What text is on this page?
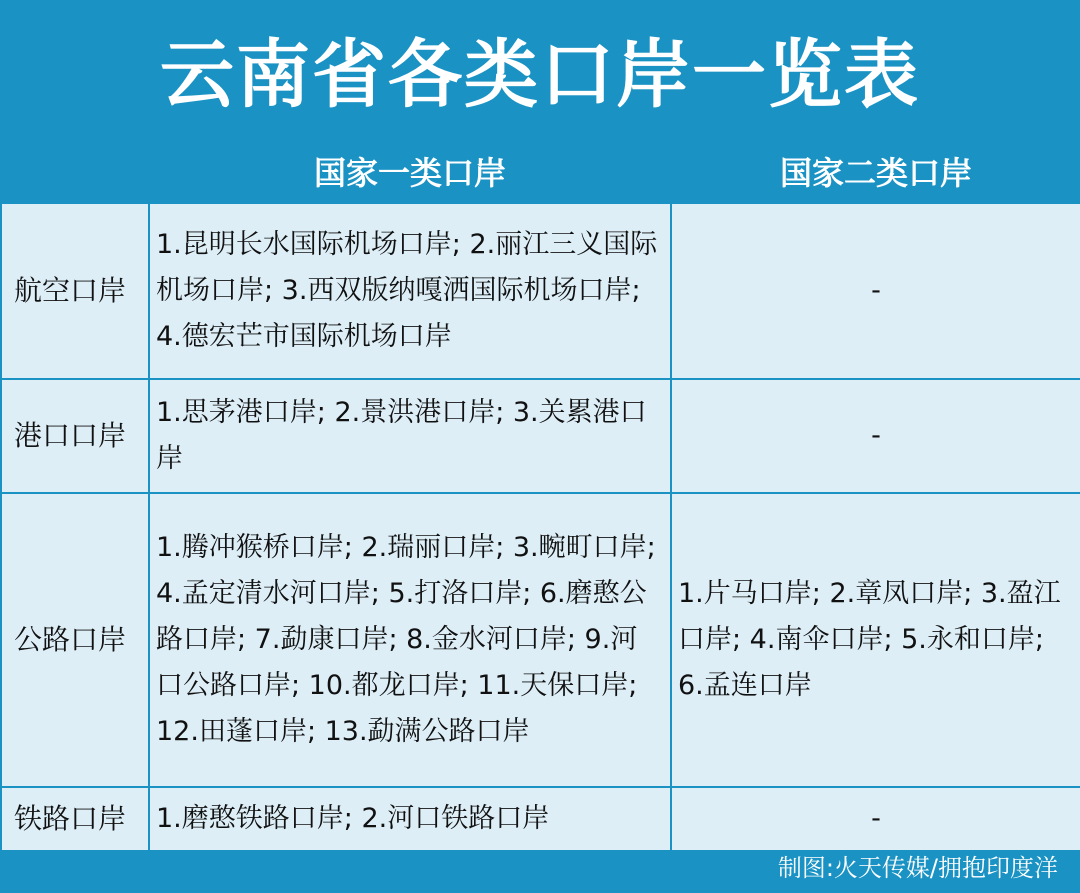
云南省各类口岸一览表
	国家一类口岸	国家二类口岸
航空口岸	1.昆明长水国际机场口岸; 2.丽江三义国际机场口岸; 3.西双版纳嘎洒国际机场口岸; 4.德宏芒市国际机场口岸	-
港口口岸	1.思茅港口岸; 2.景洪港口岸; 3.关累港口岸	-
公路口岸	1.腾冲猴桥口岸; 2.瑞丽口岸; 3.畹町口岸; 4.孟定清水河口岸; 5.打洛口岸; 6.磨憨公路口岸; 7.勐康口岸; 8.金水河口岸; 9.河口公路口岸; 10.都龙口岸; 11.天保口岸; 12.田蓬口岸; 13.勐满公路口岸	1.片马口岸; 2.章凤口岸; 3.盈江口岸; 4.南伞口岸; 5.永和口岸; 6.孟连口岸
铁路口岸	1.磨憨铁路口岸; 2.河口铁路口岸	-
制图:火天传媒/拥抱印度洋
